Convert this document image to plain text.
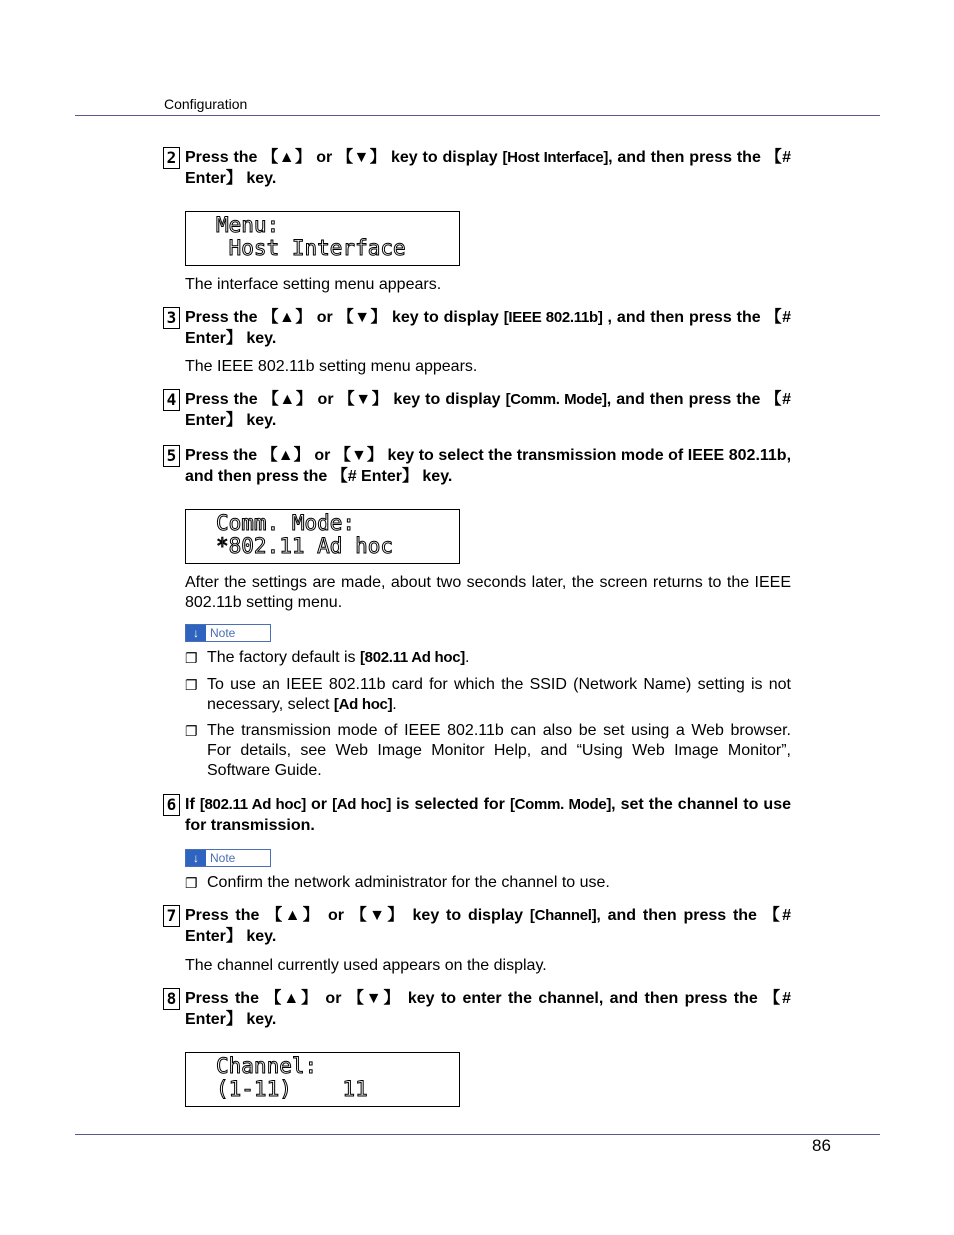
Configuration
2 Press the 【▲】 or 【▼】 key to display [Host Interface], and then press the 【# Enter】 key.
Menu:
Host Interface
The interface setting menu appears.
3 Press the 【▲】 or 【▼】 key to display [IEEE 802.11b] , and then press the 【# Enter】 key.
The IEEE 802.11b setting menu appears.
4 Press the 【▲】 or 【▼】 key to display [Comm. Mode], and then press the 【# Enter】 key.
5 Press the 【▲】 or 【▼】 key to select the transmission mode of IEEE 802.11b, and then press the 【# Enter】 key.
Comm. Mode:
*802.11 Ad hoc
After the settings are made, about two seconds later, the screen returns to the IEEE 802.11b setting menu.
↓ Note
❐ The factory default is [802.11 Ad hoc].
❐ To use an IEEE 802.11b card for which the SSID (Network Name) setting is not necessary, select [Ad hoc].
❐ The transmission mode of IEEE 802.11b can also be set using a Web browser. For details, see Web Image Monitor Help, and “Using Web Image Monitor”, Software Guide.
6 If [802.11 Ad hoc] or [Ad hoc] is selected for [Comm. Mode], set the channel to use for transmission.
↓ Note
❐ Confirm the network administrator for the channel to use.
7 Press the 【▲】 or 【▼】 key to display [Channel], and then press the 【# Enter】 key.
The channel currently used appears on the display.
8 Press the 【▲】 or 【▼】 key to enter the channel, and then press the 【# Enter】 key.
Channel:
(1-11)    11
86
